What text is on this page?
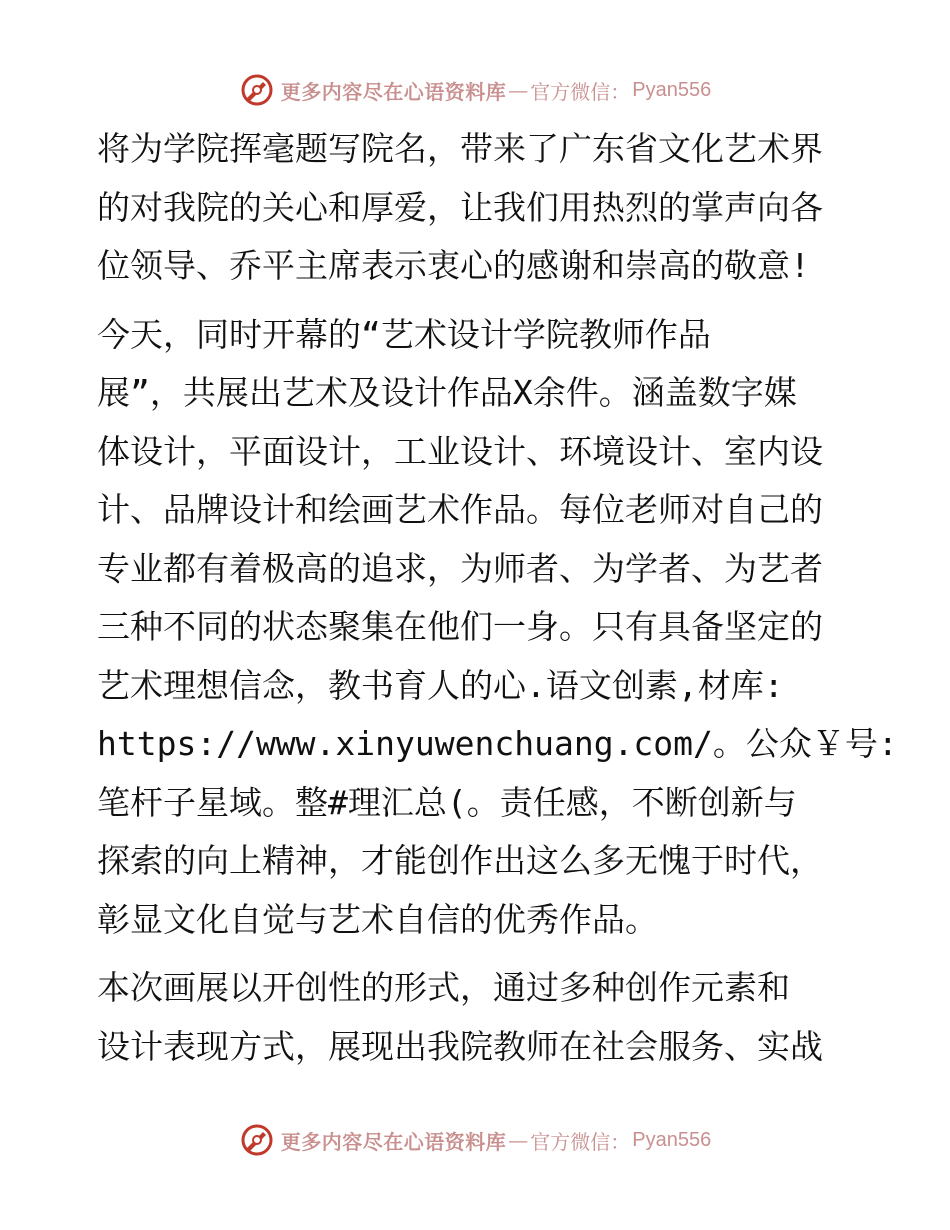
更多内容尽在心语资料库 — 官方微信： Pyan556

将为学院挥毫题写院名，带来了广东省文化艺术界
的对我院的关心和厚爱，让我们用热烈的掌声向各
位领导、乔平主席表示衷心的感谢和崇高的敬意!

今天，同时开幕的“艺术设计学院教师作品
展”，共展出艺术及设计作品X余件。涵盖数字媒
体设计，平面设计，工业设计、环境设计、室内设
计、品牌设计和绘画艺术作品。每位老师对自己的
专业都有着极高的追求，为师者、为学者、为艺者
三种不同的状态聚集在他们一身。只有具备坚定的
艺术理想信念，教书育人的心.语文创素,材库:
https://www.xinyuwenchuang.com/。公众￥号:
笔杆子星域。整#理汇总(。责任感，不断创新与
探索的向上精神，才能创作出这么多无愧于时代，
彰显文化自觉与艺术自信的优秀作品。

本次画展以开创性的形式，通过多种创作元素和
设计表现方式，展现出我院教师在社会服务、实战

更多内容尽在心语资料库 — 官方微信： Pyan556
